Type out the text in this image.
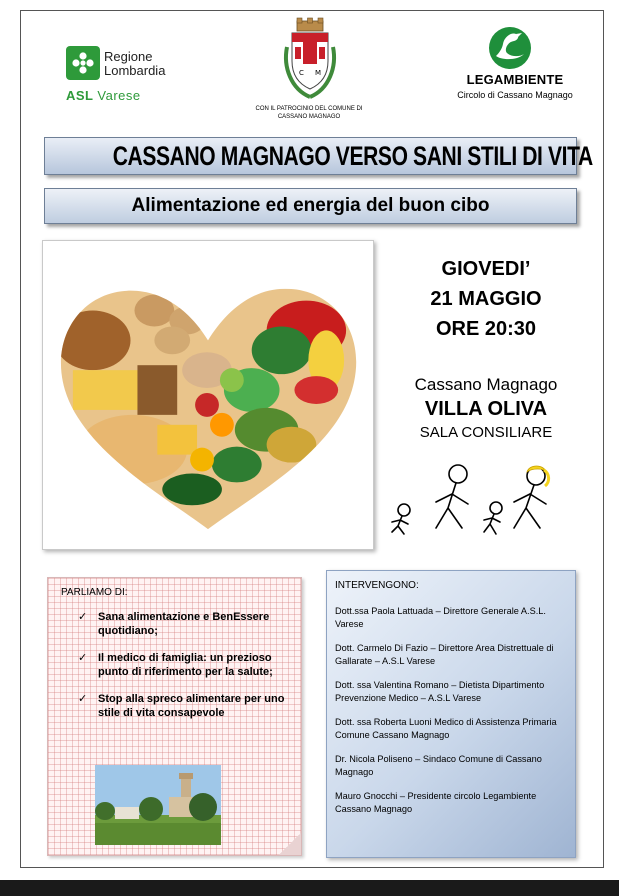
Regione
Lombardia
ASL Varese
C M
CON IL PATROCINIO DEL COMUNE DI
CASSANO MAGNAGO
LEGAMBIENTE
Circolo di Cassano Magnago
CASSANO MAGNAGO VERSO SANI STILI DI VITA
Alimentazione ed energia del buon cibo
GIOVEDI’
21 MAGGIO
ORE 20:30
Cassano Magnago
VILLA OLIVA
SALA CONSILIARE
PARLIAMO DI:
✓ Sana alimentazione e BenEssere quotidiano;
✓ Il medico di famiglia: un prezioso punto di riferimento per la salute;
✓ Stop alla spreco alimentare per uno stile di vita consapevole
INTERVENGONO:
Dott.ssa Paola Lattuada – Direttore Generale A.S.L. Varese
Dott. Carmelo Di Fazio – Direttore Area Distrettuale di Gallarate – A.S.L Varese
Dott. ssa Valentina Romano – Dietista Dipartimento Prevenzione Medico – A.S.L Varese
Dott. ssa Roberta Luoni Medico di Assistenza Primaria Comune Cassano Magnago
Dr. Nicola Poliseno – Sindaco Comune di Cassano Magnago
Mauro Gnocchi – Presidente circolo Legambiente Cassano Magnago
